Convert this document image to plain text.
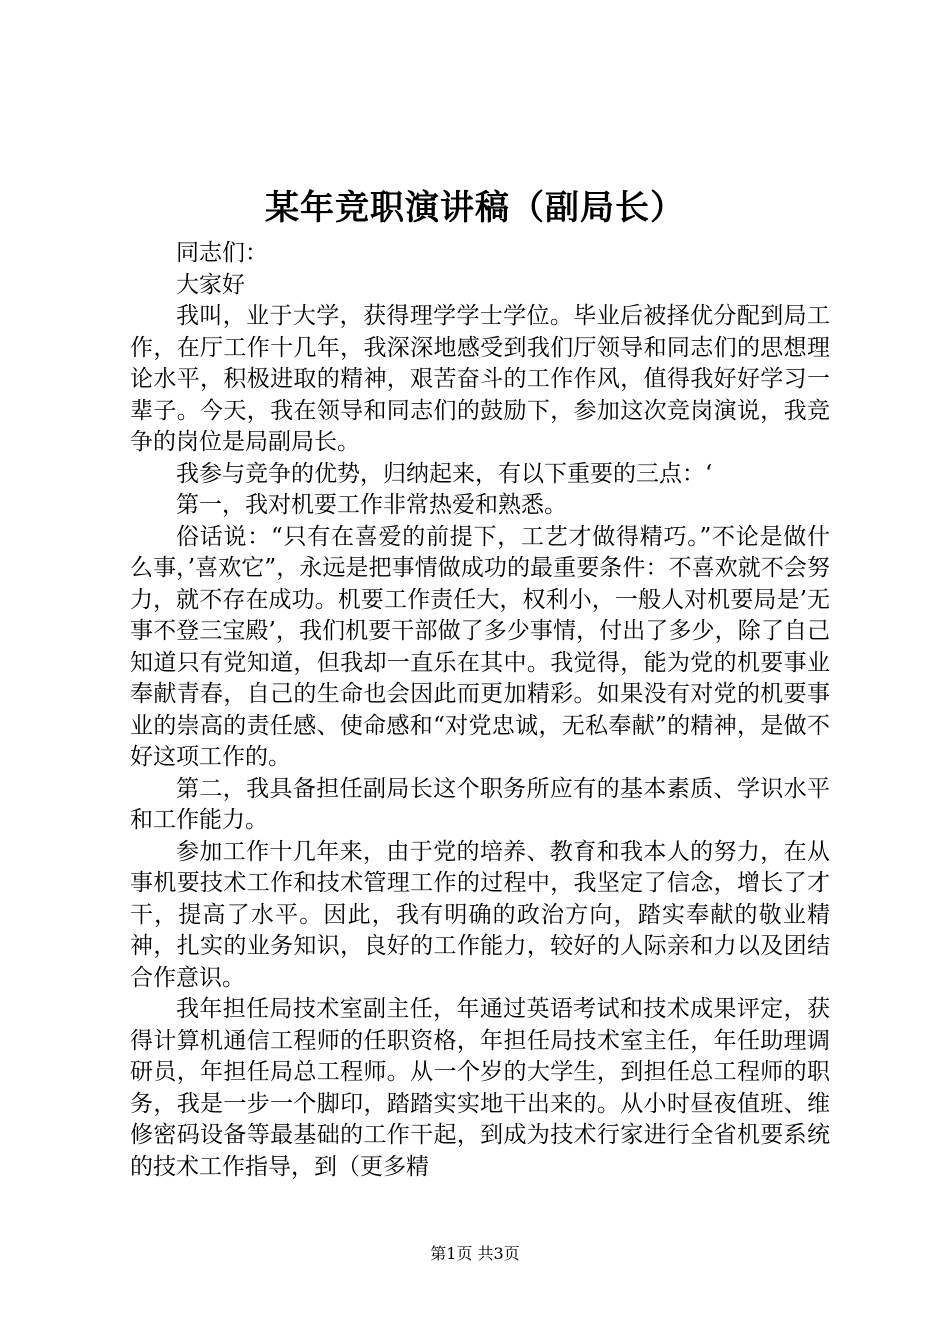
某年竞职演讲稿（副局长）

同志们：

大家好

我叫，业于大学，获得理学学士学位。毕业后被择优分配到局工作，在厅工作十几年，我深深地感受到我们厅领导和同志们的思想理论水平，积极进取的精神，艰苦奋斗的工作作风，值得我好好学习一辈子。今天，我在领导和同志们的鼓励下，参加这次竞岗演说，我竞争的岗位是局副局长。

我参与竞争的优势，归纳起来，有以下重要的三点：‘

第一，我对机要工作非常热爱和熟悉。

俗话说：“只有在喜爱的前提下，工艺才做得精巧。”不论是做什么事，’喜欢它”，永远是把事情做成功的最重要条件：不喜欢就不会努力，就不存在成功。机要工作责任大，权利小，一般人对机要局是’无事不登三宝殿’，我们机要干部做了多少事情，付出了多少，除了自己知道只有党知道，但我却一直乐在其中。我觉得，能为党的机要事业奉献青春，自己的生命也会因此而更加精彩。如果没有对党的机要事业的崇高的责任感、使命感和“对党忠诚，无私奉献”的精神，是做不好这项工作的。

第二，我具备担任副局长这个职务所应有的基本素质、学识水平和工作能力。

参加工作十几年来，由于党的培养、教育和我本人的努力，在从事机要技术工作和技术管理工作的过程中，我坚定了信念，增长了才干，提高了水平。因此，我有明确的政治方向，踏实奉献的敬业精神，扎实的业务知识，良好的工作能力，较好的人际亲和力以及团结合作意识。

我年担任局技术室副主任，年通过英语考试和技术成果评定，获得计算机通信工程师的任职资格，年担任局技术室主任，年任助理调研员，年担任局总工程师。从一个岁的大学生，到担任总工程师的职务，我是一步一个脚印，踏踏实实地干出来的。从小时昼夜值班、维修密码设备等最基础的工作干起，到成为技术行家进行全省机要系统的技术工作指导，到（更多精

第1页 共3页
